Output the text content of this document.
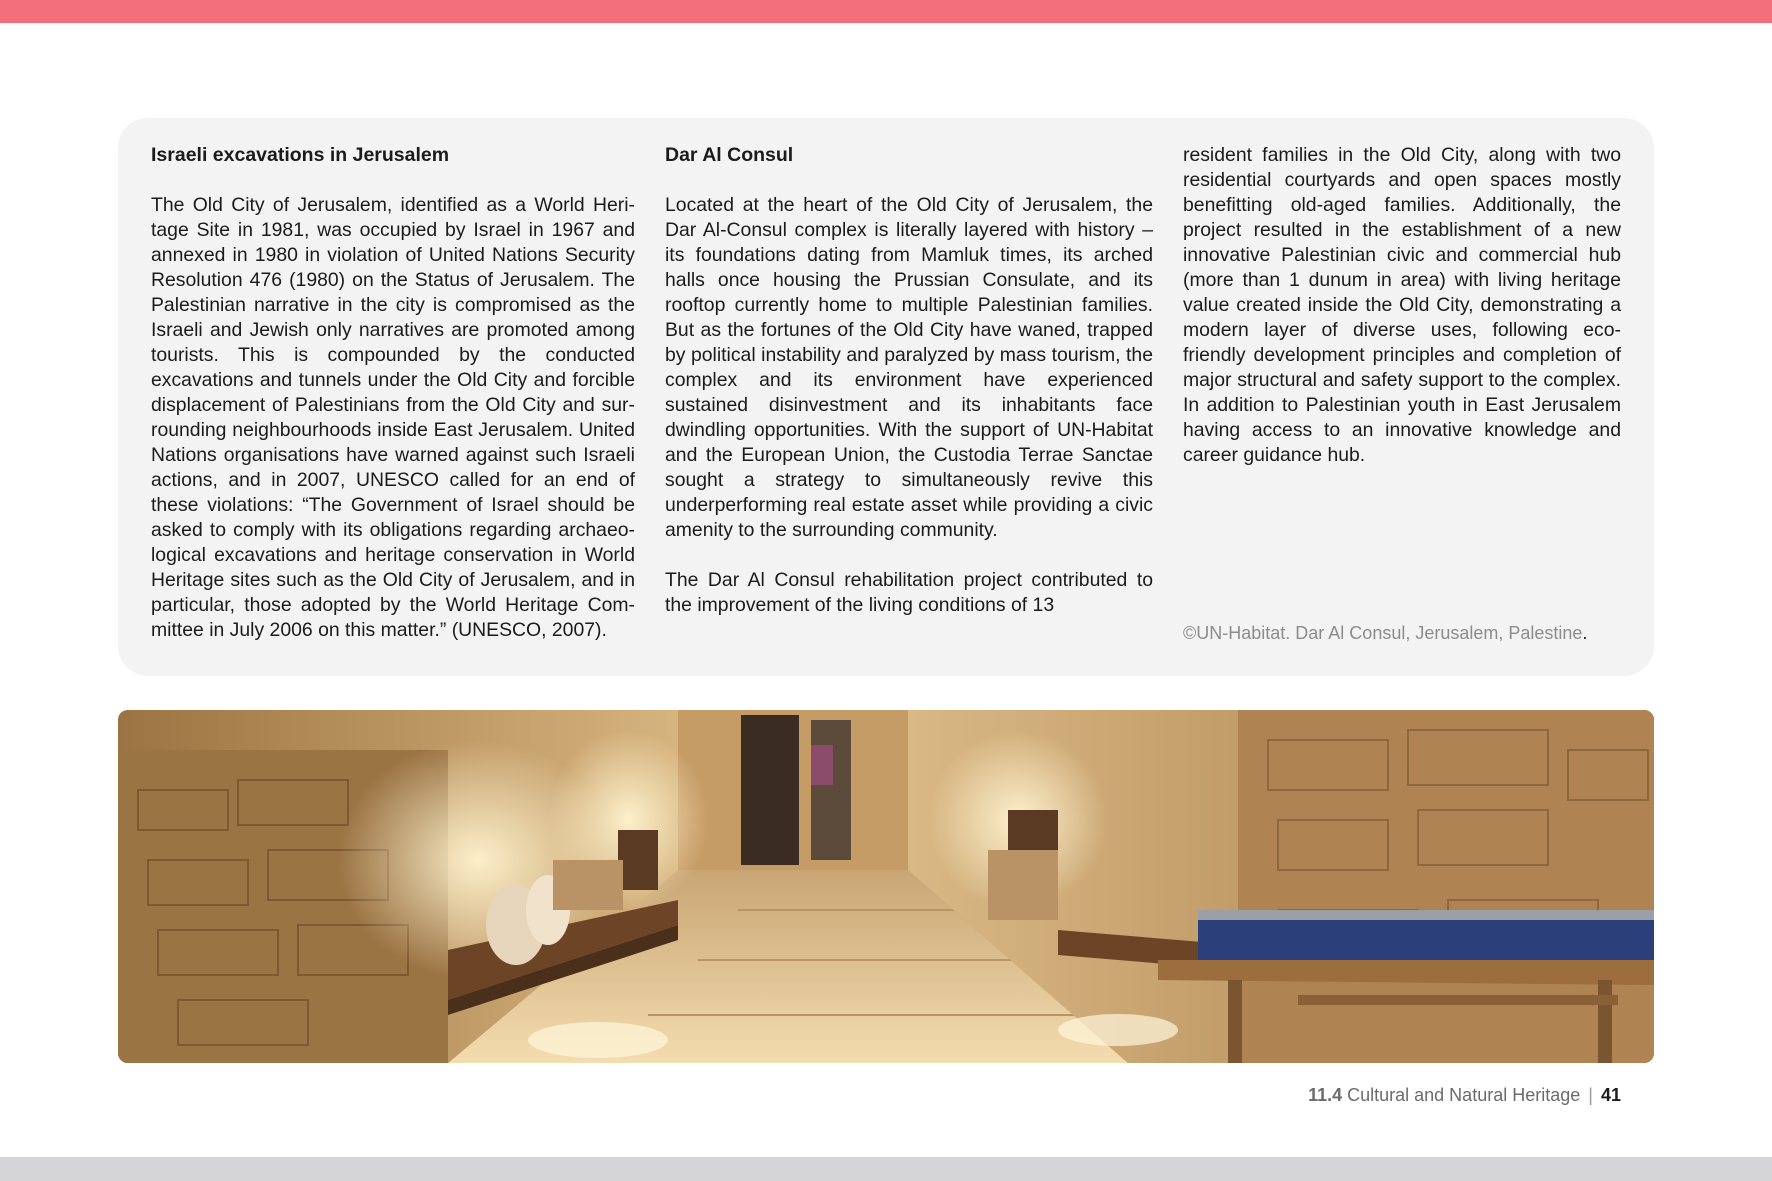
Israeli excavations in Jerusalem

The Old City of Jerusalem, identified as a World Heritage Site in 1981, was occupied by Israel in 1967 and annexed in 1980 in violation of United Nations Security Resolution 476 (1980) on the Status of Jerusalem. The Palestinian narrative in the city is compromised as the Israeli and Jewish only narratives are promoted among tourists. This is compounded by the conducted excavations and tunnels under the Old City and forcible displacement of Palestinians from the Old City and surrounding neighbourhoods inside East Jerusalem. United Nations organisations have warned against such Israeli actions, and in 2007, UNESCO called for an end of these violations: “The Government of Israel should be asked to comply with its obligations regarding archaeological excavations and heritage conservation in World Heritage sites such as the Old City of Jerusalem, and in particular, those adopted by the World Heritage Committee in July 2006 on this matter.” (UNESCO, 2007).

Dar Al Consul

Located at the heart of the Old City of Jerusalem, the Dar Al-Consul complex is literally layered with history – its foundations dating from Mamluk times, its arched halls once housing the Prussian Consulate, and its rooftop currently home to multiple Palestinian families. But as the fortunes of the Old City have waned, trapped by political instability and paralyzed by mass tourism, the complex and its environment have experienced sustained disinvestment and its inhabitants face dwindling opportunities. With the support of UN-Habitat and the European Union, the Custodia Terrae Sanctae sought a strategy to simultaneously revive this underperforming real estate asset while providing a civic amenity to the surrounding community.

The Dar Al Consul rehabilitation project contributed to the improvement of the living conditions of 13

resident families in the Old City, along with two residential courtyards and open spaces mostly benefitting old-aged families. Additionally, the project resulted in the establishment of a new innovative Palestinian civic and commercial hub (more than 1 dunum in area) with living heritage value created inside the Old City, demonstrating a modern layer of diverse uses, following eco-friendly development principles and completion of major structural and safety support to the complex. In addition to Palestinian youth in East Jerusalem having access to an innovative knowledge and career guidance hub.

©UN-Habitat. Dar Al Consul, Jerusalem, Palestine.
11.4 Cultural and Natural Heritage | 41
